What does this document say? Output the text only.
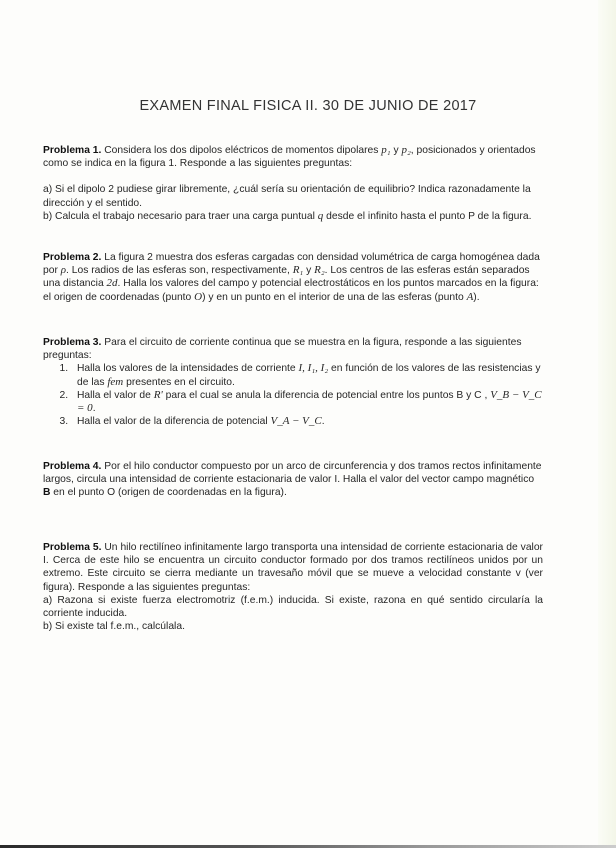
EXAMEN FINAL FISICA II. 30 DE JUNIO DE 2017

Problema 1. Considera los dos dipolos eléctricos de momentos dipolares p₁ y p₂, posicionados y orientados como se indica en la figura 1. Responde a las siguientes preguntas:

a) Si el dipolo 2 pudiese girar libremente, ¿cuál sería su orientación de equilibrio? Indica razonadamente la dirección y el sentido.

b) Calcula el trabajo necesario para traer una carga puntual q desde el infinito hasta el punto P de la figura.

Problema 2. La figura 2 muestra dos esferas cargadas con densidad volumétrica de carga homogénea dada por ρ. Los radios de las esferas son, respectivamente, R₁ y R₂. Los centros de las esferas están separados una distancia 2d. Halla los valores del campo y potencial electrostáticos en los puntos marcados en la figura: el origen de coordenadas (punto O) y en un punto en el interior de una de las esferas (punto A).

Problema 3. Para el circuito de corriente continua que se muestra en la figura, responde a las siguientes preguntas:

1. Halla los valores de la intensidades de corriente I, I₁, I₂ en función de los valores de las resistencias y de las fem presentes en el circuito.
2. Halla el valor de R' para el cual se anula la diferencia de potencial entre los puntos B y C , V_B − V_C = 0.
3. Halla el valor de la diferencia de potencial V_A − V_C.

Problema 4. Por el hilo conductor compuesto por un arco de circunferencia y dos tramos rectos infinitamente largos, circula una intensidad de corriente estacionaria de valor I. Halla el valor del vector campo magnético B en el punto O (origen de coordenadas en la figura).

Problema 5. Un hilo rectilíneo infinitamente largo transporta una intensidad de corriente estacionaria de valor I. Cerca de este hilo se encuentra un circuito conductor formado por dos tramos rectilíneos unidos por un extremo. Este circuito se cierra mediante un travesaño móvil que se mueve a velocidad constante v (ver figura). Responde a las siguientes preguntas:

a) Razona si existe fuerza electromotriz (f.e.m.) inducida. Si existe, razona en qué sentido circularía la corriente inducida.

b) Si existe tal f.e.m., calcúlala.
